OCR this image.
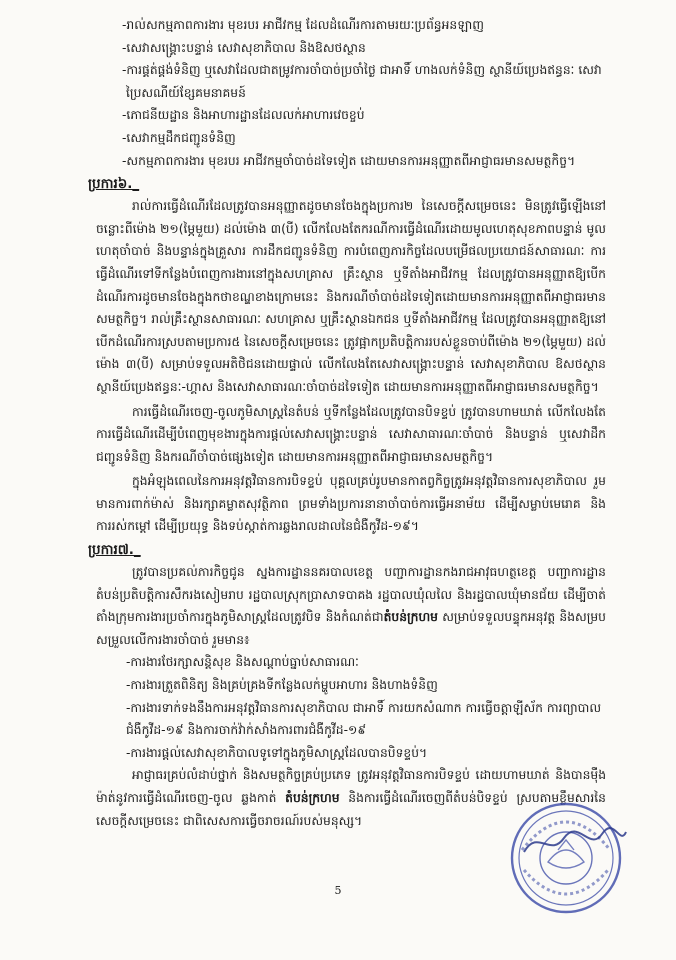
-រាល់សកម្មភាពការងារ មុខរបរ អាជីវកម្ម ដែលដំណើរការតាមរយៈប្រព័ន្ធអនឡាញ
-សេវាសង្គ្រោះបន្ទាន់ សេវាសុខាភិបាល និងឱសថស្ថាន
-ការផ្គត់ផ្គង់ទំនិញ ឬសេវាដែលជាតម្រូវការចាំបាច់ប្រចាំថ្ងៃ ជាអាទិ៍ ហាងលក់ទំនិញ ស្ថានីយ៍ប្រេងឥន្ធនៈ សេវាប្រៃសណីយ៍ខ្សែគមនាគមន៍
-ភោជនីយដ្ឋាន និងអាហារដ្ឋានដែលលក់អាហារវេចខ្ចប់
-សេវាកម្មដឹកជញ្ជូនទំនិញ
-សកម្មភាពការងារ មុខរបរ អាជីវកម្មចាំបាច់ដទៃទៀត ដោយមានការអនុញ្ញាតពីអាជ្ញាធរមានសមត្ថកិច្ច។
ប្រការ៦._

រាល់ការធ្វើដំណើរដែលត្រូវបានអនុញ្ញាតដូចមានចែងក្នុងប្រការ២ នៃសេចក្តីសម្រេចនេះ មិនត្រូវធ្វើឡើងនៅចន្លោះពីម៉ោង ២១(ម្ភៃមួយ) ដល់ម៉ោង ៣(បី) លើកលែងតែករណីការធ្វើដំណើរដោយមូលហេតុសុខភាពបន្ទាន់ មូលហេតុចាំបាច់ និងបន្ទាន់ក្នុងគ្រួសារ ការដឹកជញ្ជូនទំនិញ ការបំពេញភារកិច្ចដែលបម្រើផលប្រយោជន៍សាធារណៈ ការធ្វើដំណើរទៅទីកន្លែងបំពេញការងារនៅក្នុងសហគ្រាស គ្រឹះស្ថាន ឬទីតាំងអាជីវកម្ម ដែលត្រូវបានអនុញ្ញាតឱ្យបើកដំណើរការដូចមានចែងក្នុងកថាខណ្ឌខាងក្រោមនេះ និងករណីចាំបាច់ដទៃទៀតដោយមានការអនុញ្ញាតពីអាជ្ញាធរមានសមត្ថកិច្ច។ រាល់គ្រឹះស្ថានសាធារណៈ សហគ្រាស ឬគ្រឹះស្ថានឯកជន ឬទីតាំងអាជីវកម្ម ដែលត្រូវបានអនុញ្ញាតឱ្យនៅបើកដំណើរការស្របតាមប្រការ៥ នៃសេចក្តីសម្រេចនេះ ត្រូវផ្អាកប្រតិបត្តិការរបស់ខ្លួនចាប់ពីម៉ោង ២១(ម្ភៃមួយ) ដល់ម៉ោង ៣(បី) សម្រាប់ទទួលអតិថិជនដោយផ្ទាល់ លើកលែងតែសេវាសង្គ្រោះបន្ទាន់ សេវាសុខាភិបាល ឱសថស្ថាន ស្ថានីយ៍ប្រេងឥន្ធនៈ-ហ្គាស និងសេវាសាធារណៈចាំបាច់ដទៃទៀត ដោយមានការអនុញ្ញាតពីអាជ្ញាធរមានសមត្ថកិច្ច។

ការធ្វើដំណើរចេញ-ចូលភូមិសាស្ត្រនៃតំបន់ ឬទីកន្លែងដែលត្រូវបានបិទខ្ទប់ ត្រូវបានហាមឃាត់ លើកលែងតែការធ្វើដំណើរដើម្បីបំពេញមុខងារក្នុងការផ្តល់សេវាសង្គ្រោះបន្ទាន់ សេវាសាធារណៈចាំបាច់ និងបន្ទាន់ ឬសេវាដឹកជញ្ជូនទំនិញ និងករណីចាំបាច់ផ្សេងទៀត ដោយមានការអនុញ្ញាតពីអាជ្ញាធរមានសមត្ថកិច្ច។

ក្នុងអំឡុងពេលនៃការអនុវត្តវិធានការបិទខ្ទប់ បុគ្គលគ្រប់រូបមានកាតព្វកិច្ចត្រូវអនុវត្តវិធានការសុខាភិបាល រួមមានការពាក់ម៉ាស់ និងរក្សាគម្លាតសុវត្ថិភាព ព្រមទាំងប្រការនានាចាំបាច់ការធ្វើអនាម័យ ដើម្បីសម្លាប់មេរោគ និងការរស់កម្តៅ ដើម្បីប្រយុទ្ធ និងទប់ស្កាត់ការឆ្លងរាលដាលនៃជំងឺកូវីដ-១៩។

ប្រការ៧._

ត្រូវបានប្រគល់ភារកិច្ចជូន ស្នងការដ្ឋាននគរបាលខេត្ត បញ្ជាការដ្ឋានកងរាជអាវុធហត្ថខេត្ត បញ្ជាការដ្ឋានតំបន់ប្រតិបត្តិការសឹករងសៀមរាប រដ្ឋបាលស្រុកប្រាសាទបាគង រដ្ឋបាលឃុំលលៃ និងរដ្ឋបាលឃុំមានជ័យ ដើម្បីចាត់តាំងក្រុមការងារប្រចាំការក្នុងភូមិសាស្ត្រដែលត្រូវបិទ និងកំណត់ជាតំបន់ក្រហម សម្រាប់ទទួលបន្ទុកអនុវត្ត និងសម្របសម្រួលលើការងារចាំបាច់ រួមមាន៖

-ការងារថែរក្សាសន្តិសុខ និងសណ្តាប់ធ្នាប់សាធារណៈ
-ការងារត្រួតពិនិត្យ និងគ្រប់គ្រងទីកន្លែងលក់ម្ហូបអាហារ និងហាងទំនិញ
-ការងារទាក់ទងនឹងការអនុវត្តវិធានការសុខាភិបាល ជាអាទិ៍ ការយកសំណាក ការធ្វើចត្តាឡីស័ក ការព្យាបាលជំងឺកូវីដ-១៩ និងការចាក់វ៉ាក់សាំងការពារជំងឺកូវីដ-១៩
-ការងារផ្តល់សេវាសុខាភិបាលទូទៅក្នុងភូមិសាស្ត្រដែលបានបិទខ្ទប់។

អាជ្ញាធរគ្រប់លំដាប់ថ្នាក់ និងសមត្ថកិច្ចគ្រប់ប្រភេទ ត្រូវអនុវត្តវិធានការបិទខ្ទប់ ដោយហាមឃាត់ និងបានម៉ឺងម៉ាត់នូវការធ្វើដំណើរចេញ-ចូល ឆ្លងកាត់ តំបន់ក្រហម និងការធ្វើដំណើរចេញពីតំបន់បិទខ្ទប់ ស្របតាមខ្លឹមសារនៃសេចក្តីសម្រេចនេះ ជាពិសេសការធ្វើចរាចរណ៍របស់មនុស្ស។

5
